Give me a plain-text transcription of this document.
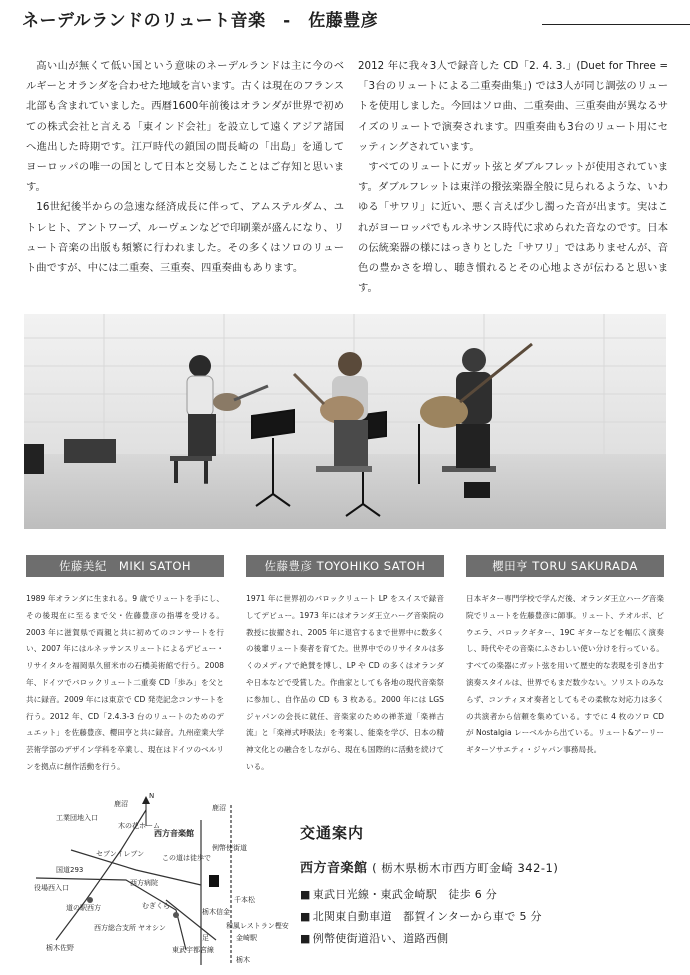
ネーデルランドのリュート音楽　-　佐藤豊彦

高い山が無くて低い国という意味のネーデルランドは主に今のベルギーとオランダを合わせた地域を言います。古くは現在のフランス北部も含まれていました。西暦1600年前後はオランダが世界で初めての株式会社と言える「東インド会社」を設立して遠くアジア諸国へ進出した時期です。江戸時代の鎖国の間長崎の「出島」を通してヨーロッパの唯一の国として日本と交易したことはご存知と思います。

16世紀後半からの急速な経済成長に伴って、アムステルダム、ユトレヒト、アントワープ、ルーヴェンなどで印刷業が盛んになり、リュート音楽の出版も頻繁に行われました。その多くはソロのリュート曲ですが、中には二重奏、三重奏、四重奏曲もあります。

2012 年に我々3人で録音した CD「2. 4. 3.」(Duet for Three =「3台のリュートによる二重奏曲集」) では3人が同じ調弦のリュートを使用しました。今回はソロ曲、二重奏曲、三重奏曲が異なるサイズのリュートで演奏されます。四重奏曲も3台のリュート用にセッティングされています。

すべてのリュートにガット弦とダブルフレットが使用されています。ダブルフレットは東洋の撥弦楽器全般に見られるような、いわゆる「サワリ」に近い、悪く言えば少し濁った音が出ます。実はこれがヨーロッパでもルネサンス時代に求められた音なのです。日本の伝統楽器の様にはっきりとした「サワリ」ではありませんが、音色の豊かさを増し、聴き慣れるとその心地よさが伝わると思います。

佐藤美紀　MIKI SATOH
1989 年オランダに生まれる。9 歳でリュートを手にし、その後現在に至るまで父・佐藤豊彦の指導を受ける。2003 年に滋賀県で両親と共に初めてのコンサートを行い、2007 年にはルネッサンスリュートによるデビュー・リサイタルを福岡県久留米市の石橋美術館で行う。2008 年、ドイツでバロックリュート二重奏 CD「歩み」を父と共に録音。2009 年には東京で CD 発売記念コンサートを行う。2012 年、CD「2.4.3-3 台のリュートのためのデュエット」を佐藤豊彦、櫻田亨と共に録音。九州産業大学芸術学部のデザイン学科を卒業し、現在はドイツのベルリンを拠点に創作活動を行う。
佐藤豊彦 TOYOHIKO SATOH
1971 年に世界初のバロックリュート LP をスイスで録音してデビュー。1973 年にはオランダ王立ハーグ音楽院の教授に抜擢され、2005 年に退官するまで世界中に数多くの後輩リュート奏者を育てた。世界中でのリサイタルは多くのメディアで絶賛を博し、LP や CD の多くはオランダや日本などで受賞した。作曲家としても各地の現代音楽祭に参加し、自作品の CD も 3 枚ある。2000 年には LGS ジャパンの会長に就任、音楽家のための禅茶道「楽禅古流」と「楽禅式呼吸法」を考案し、能楽を学び、日本の精神文化との融合をしながら、現在も国際的に活動を続けている。
櫻田亨 TORU SAKURADA
日本ギター専門学校で学んだ後、オランダ王立ハーグ音楽院でリュートを佐藤豊彦に師事。リュート、テオルボ、ビウエラ、バロックギター、19C ギターなどを幅広く演奏し、時代やその音楽にふさわしい使い分けを行っている。すべての楽器にガット弦を用いて歴史的な表現を引き出す演奏スタイルは、世界でもまだ数少ない。ソリストのみならず、コンティヌオ奏者としてもその柔軟な対応力は多くの共演者から信頼を集めている。すでに 4 枚のソロ CD が Nostalgia レーベルから出ている。リュート&アーリーギターソサエティ・ジャパン事務局長。
鹿沼
工業団地入口
木の花ホーム
セブンイレブン
国道293
役場西入口
道の駅西方
西方総合支所
栃木佐野
西方音楽館
西方病院
むぎくら
ヤオシン
この道は徒歩で
鹿沼
例幣使街道
千本松
栃木信金
和風レストラン樫安
金崎駅
足
東武宇都宮線
栃木
N
交通案内
西方音楽館 ( 栃木県栃木市西方町金崎 342-1)
■ 東武日光線・東武金崎駅　徒歩 6 分
■ 北関東自動車道　都賀インターから車で 5 分
■ 例幣使街道沿い、道路西側
